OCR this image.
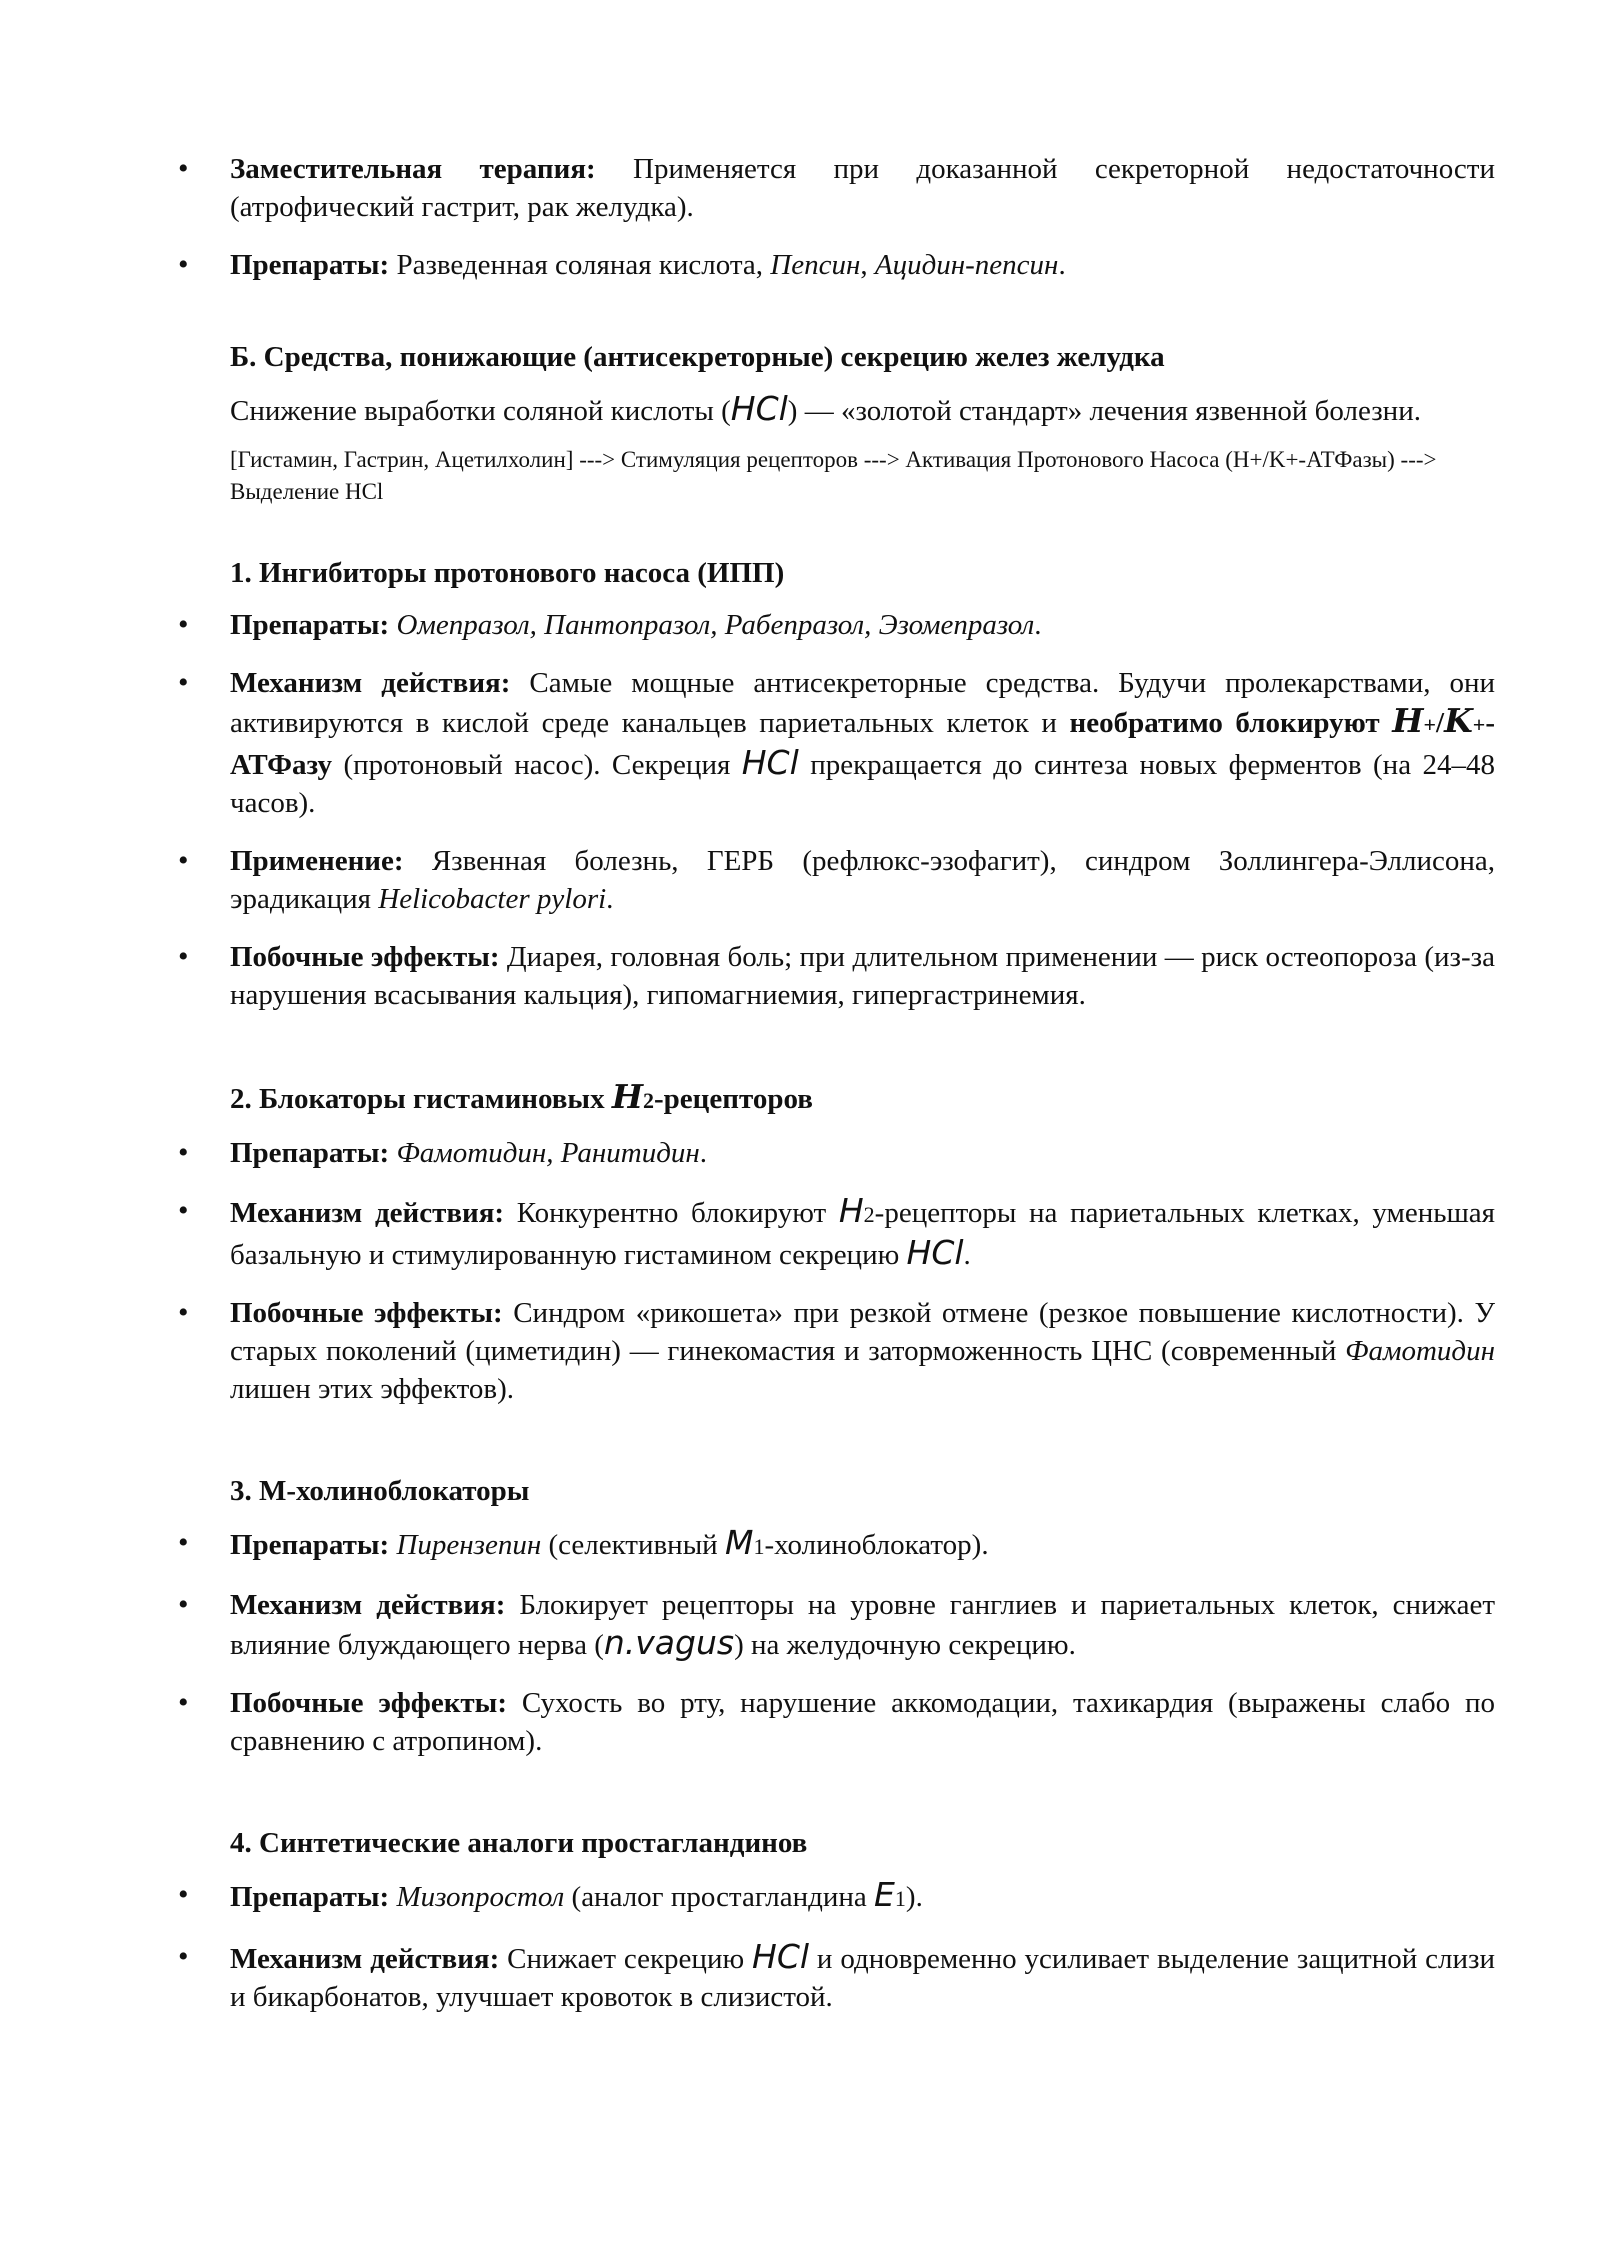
• Заместительная терапия: Применяется при доказанной секреторной недостаточности (атрофический гастрит, рак желудка).
• Препараты: Разведенная соляная кислота, Пепсин, Ацидин-пепсин.
Б. Средства, понижающие (антисекреторные) секрецию желез желудка
Снижение выработки соляной кислоты (HCl) — «золотой стандарт» лечения язвенной болезни.
[Гистамин, Гастрин, Ацетилхолин] ---> Стимуляция рецепторов ---> Активация Протонового Насоса (H+/K+-АТФазы) ---> Выделение HCl
1. Ингибиторы протонового насоса (ИПП)
• Препараты: Омепразол, Пантопразол, Рабепразол, Эзомепразол.
• Механизм действия: Самые мощные антисекреторные средства. Будучи пролекарствами, они активируются в кислой среде канальцев париетальных клеток и необратимо блокируют H+/K+-АТФазу (протоновый насос). Секреция HCl прекращается до синтеза новых ферментов (на 24–48 часов).
• Применение: Язвенная болезнь, ГЕРБ (рефлюкс-эзофагит), синдром Золлингера-Эллисона, эрадикация Helicobacter pylori.
• Побочные эффекты: Диарея, головная боль; при длительном применении — риск остеопороза (из-за нарушения всасывания кальция), гипомагниемия, гипергастринемия.
2. Блокаторы гистаминовых H2-рецепторов
• Препараты: Фамотидин, Ранитидин.
• Механизм действия: Конкурентно блокируют H2-рецепторы на париетальных клетках, уменьшая базальную и стимулированную гистамином секрецию HCl.
• Побочные эффекты: Синдром «рикошета» при резкой отмене (резкое повышение кислотности). У старых поколений (циметидин) — гинекомастия и заторможенность ЦНС (современный Фамотидин лишен этих эффектов).
3. М-холиноблокаторы
• Препараты: Пирензепин (селективный M1-холиноблокатор).
• Механизм действия: Блокирует рецепторы на уровне ганглиев и париетальных клеток, снижает влияние блуждающего нерва (n.vagus) на желудочную секрецию.
• Побочные эффекты: Сухость во рту, нарушение аккомодации, тахикардия (выражены слабо по сравнению с атропином).
4. Синтетические аналоги простагландинов
• Препараты: Мизопростол (аналог простагландина E1).
• Механизм действия: Снижает секрецию HCl и одновременно усиливает выделение защитной слизи и бикарбонатов, улучшает кровоток в слизистой.
